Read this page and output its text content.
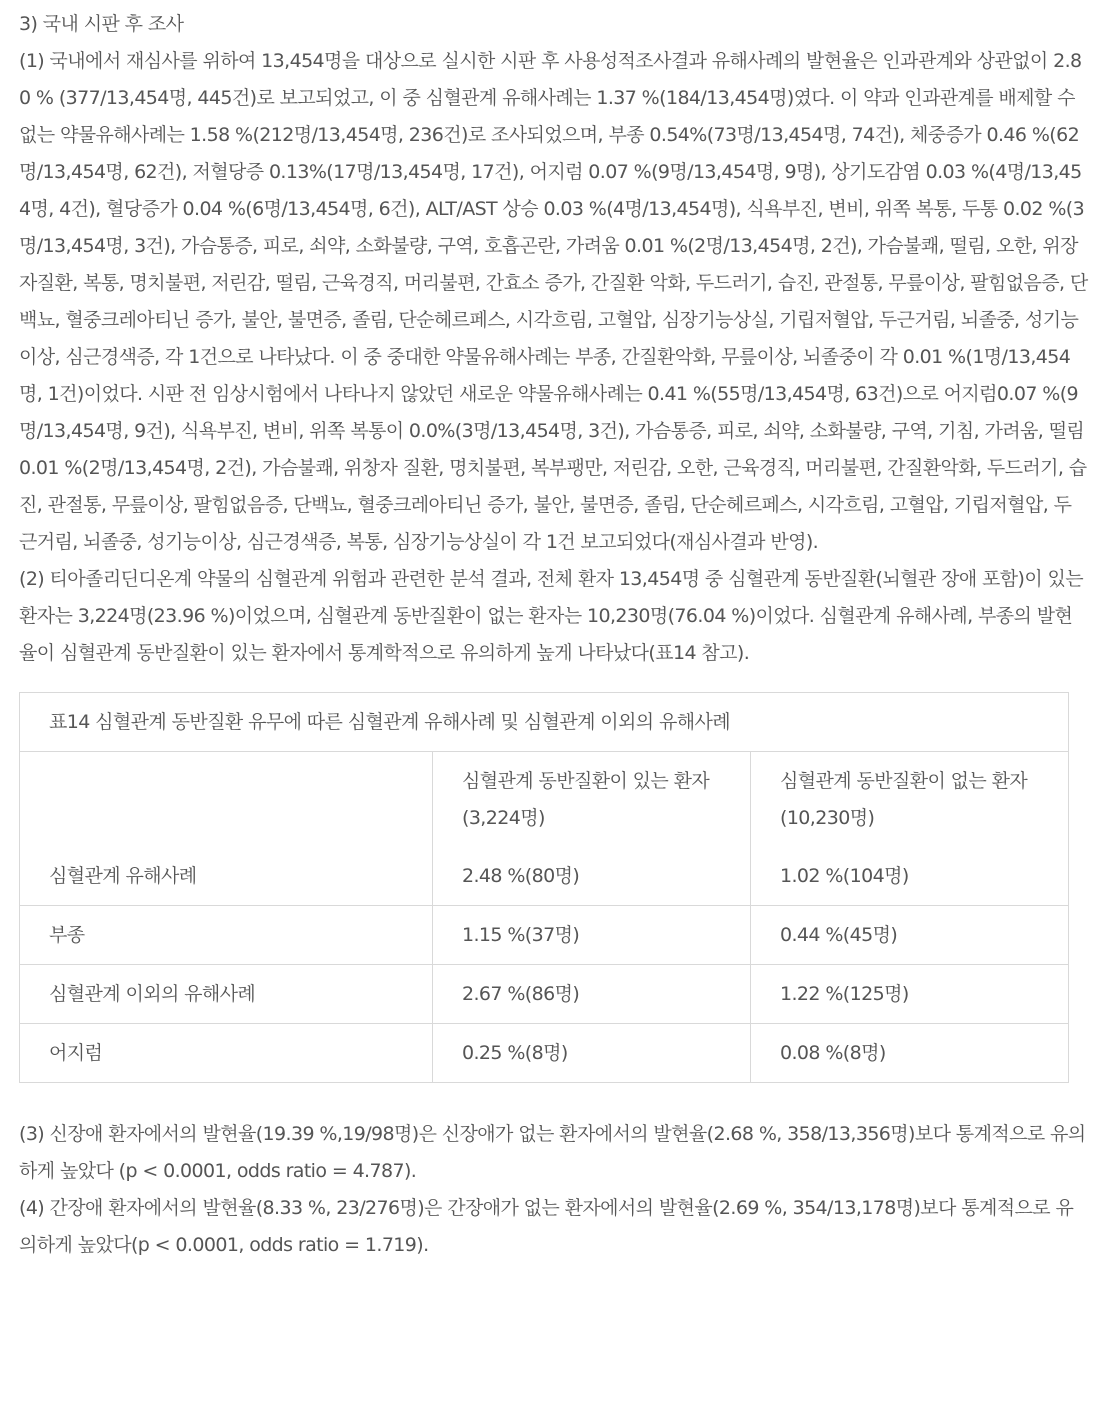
3) 국내 시판 후 조사

(1) 국내에서 재심사를 위하여 13,454명을 대상으로 실시한 시판 후 사용성적조사결과 유해사례의 발현율은 인과관계와 상관없이 2.80 % (377/13,454명, 445건)로 보고되었고, 이 중 심혈관계 유해사례는 1.37 %(184/13,454명)였다. 이 약과 인과관계를 배제할 수 없는 약물유해사례는 1.58 %(212명/13,454명, 236건)로 조사되었으며, 부종 0.54%(73명/13,454명, 74건), 체중증가 0.46 %(62명/13,454명, 62건), 저혈당증 0.13%(17명/13,454명, 17건), 어지럼 0.07 %(9명/13,454명, 9명), 상기도감염 0.03 %(4명/13,454명, 4건), 혈당증가 0.04 %(6명/13,454명, 6건), ALT/AST 상승 0.03 %(4명/13,454명), 식욕부진, 변비, 위쪽 복통, 두통 0.02 %(3명/13,454명, 3건), 가슴통증, 피로, 쇠약, 소화불량, 구역, 호흡곤란, 가려움 0.01 %(2명/13,454명, 2건), 가슴불쾌, 떨림, 오한, 위장자질환, 복통, 명치불편, 저린감, 떨림, 근육경직, 머리불편, 간효소 증가, 간질환 악화, 두드러기, 습진, 관절통, 무릎이상, 팔힘없음증, 단백뇨, 혈중크레아티닌 증가, 불안, 불면증, 졸림, 단순헤르페스, 시각흐림, 고혈압, 심장기능상실, 기립저혈압, 두근거림, 뇌졸중, 성기능이상, 심근경색증, 각 1건으로 나타났다. 이 중 중대한 약물유해사례는 부종, 간질환악화, 무릎이상, 뇌졸중이 각 0.01 %(1명/13,454명, 1건)이었다. 시판 전 임상시험에서 나타나지 않았던 새로운 약물유해사례는 0.41 %(55명/13,454명, 63건)으로 어지럼0.07 %(9명/13,454명, 9건), 식욕부진, 변비, 위쪽 복통이 0.0%(3명/13,454명, 3건), 가슴통증, 피로, 쇠약, 소화불량, 구역, 기침, 가려움, 떨림 0.01 %(2명/13,454명, 2건), 가슴불쾌, 위창자 질환, 명치불편, 복부팽만, 저린감, 오한, 근육경직, 머리불편, 간질환악화, 두드러기, 습진, 관절통, 무릎이상, 팔힘없음증, 단백뇨, 혈중크레아티닌 증가, 불안, 불면증, 졸림, 단순헤르페스, 시각흐림, 고혈압, 기립저혈압, 두근거림, 뇌졸중, 성기능이상, 심근경색증, 복통, 심장기능상실이 각 1건 보고되었다(재심사결과 반영).

(2) 티아졸리딘디온계 약물의 심혈관계 위험과 관련한 분석 결과, 전체 환자 13,454명 중 심혈관계 동반질환(뇌혈관 장애 포함)이 있는 환자는 3,224명(23.96 %)이었으며, 심혈관계 동반질환이 없는 환자는 10,230명(76.04 %)이었다. 심혈관계 유해사례, 부종의 발현율이 심혈관계 동반질환이 있는 환자에서 통계학적으로 유의하게 높게 나타났다(표14 참고).

표14 심혈관계 동반질환 유무에 따른 심혈관계 유해사례 및 심혈관계 이외의 유해사례
	심혈관계 동반질환이 있는 환자 (3,224명)	심혈관계 동반질환이 없는 환자 (10,230명)
심혈관계 유해사례	2.48 %(80명)	1.02 %(104명)
부종	1.15 %(37명)	0.44 %(45명)
심혈관계 이외의 유해사례	2.67 %(86명)	1.22 %(125명)
어지럼	0.25 %(8명)	0.08 %(8명)

(3) 신장애 환자에서의 발현율(19.39 %,19/98명)은 신장애가 없는 환자에서의 발현율(2.68 %, 358/13,356명)보다 통계적으로 유의하게 높았다 (p < 0.0001, odds ratio = 4.787).

(4) 간장애 환자에서의 발현율(8.33 %, 23/276명)은 간장애가 없는 환자에서의 발현율(2.69 %, 354/13,178명)보다 통계적으로 유의하게 높았다(p < 0.0001, odds ratio = 1.719).
